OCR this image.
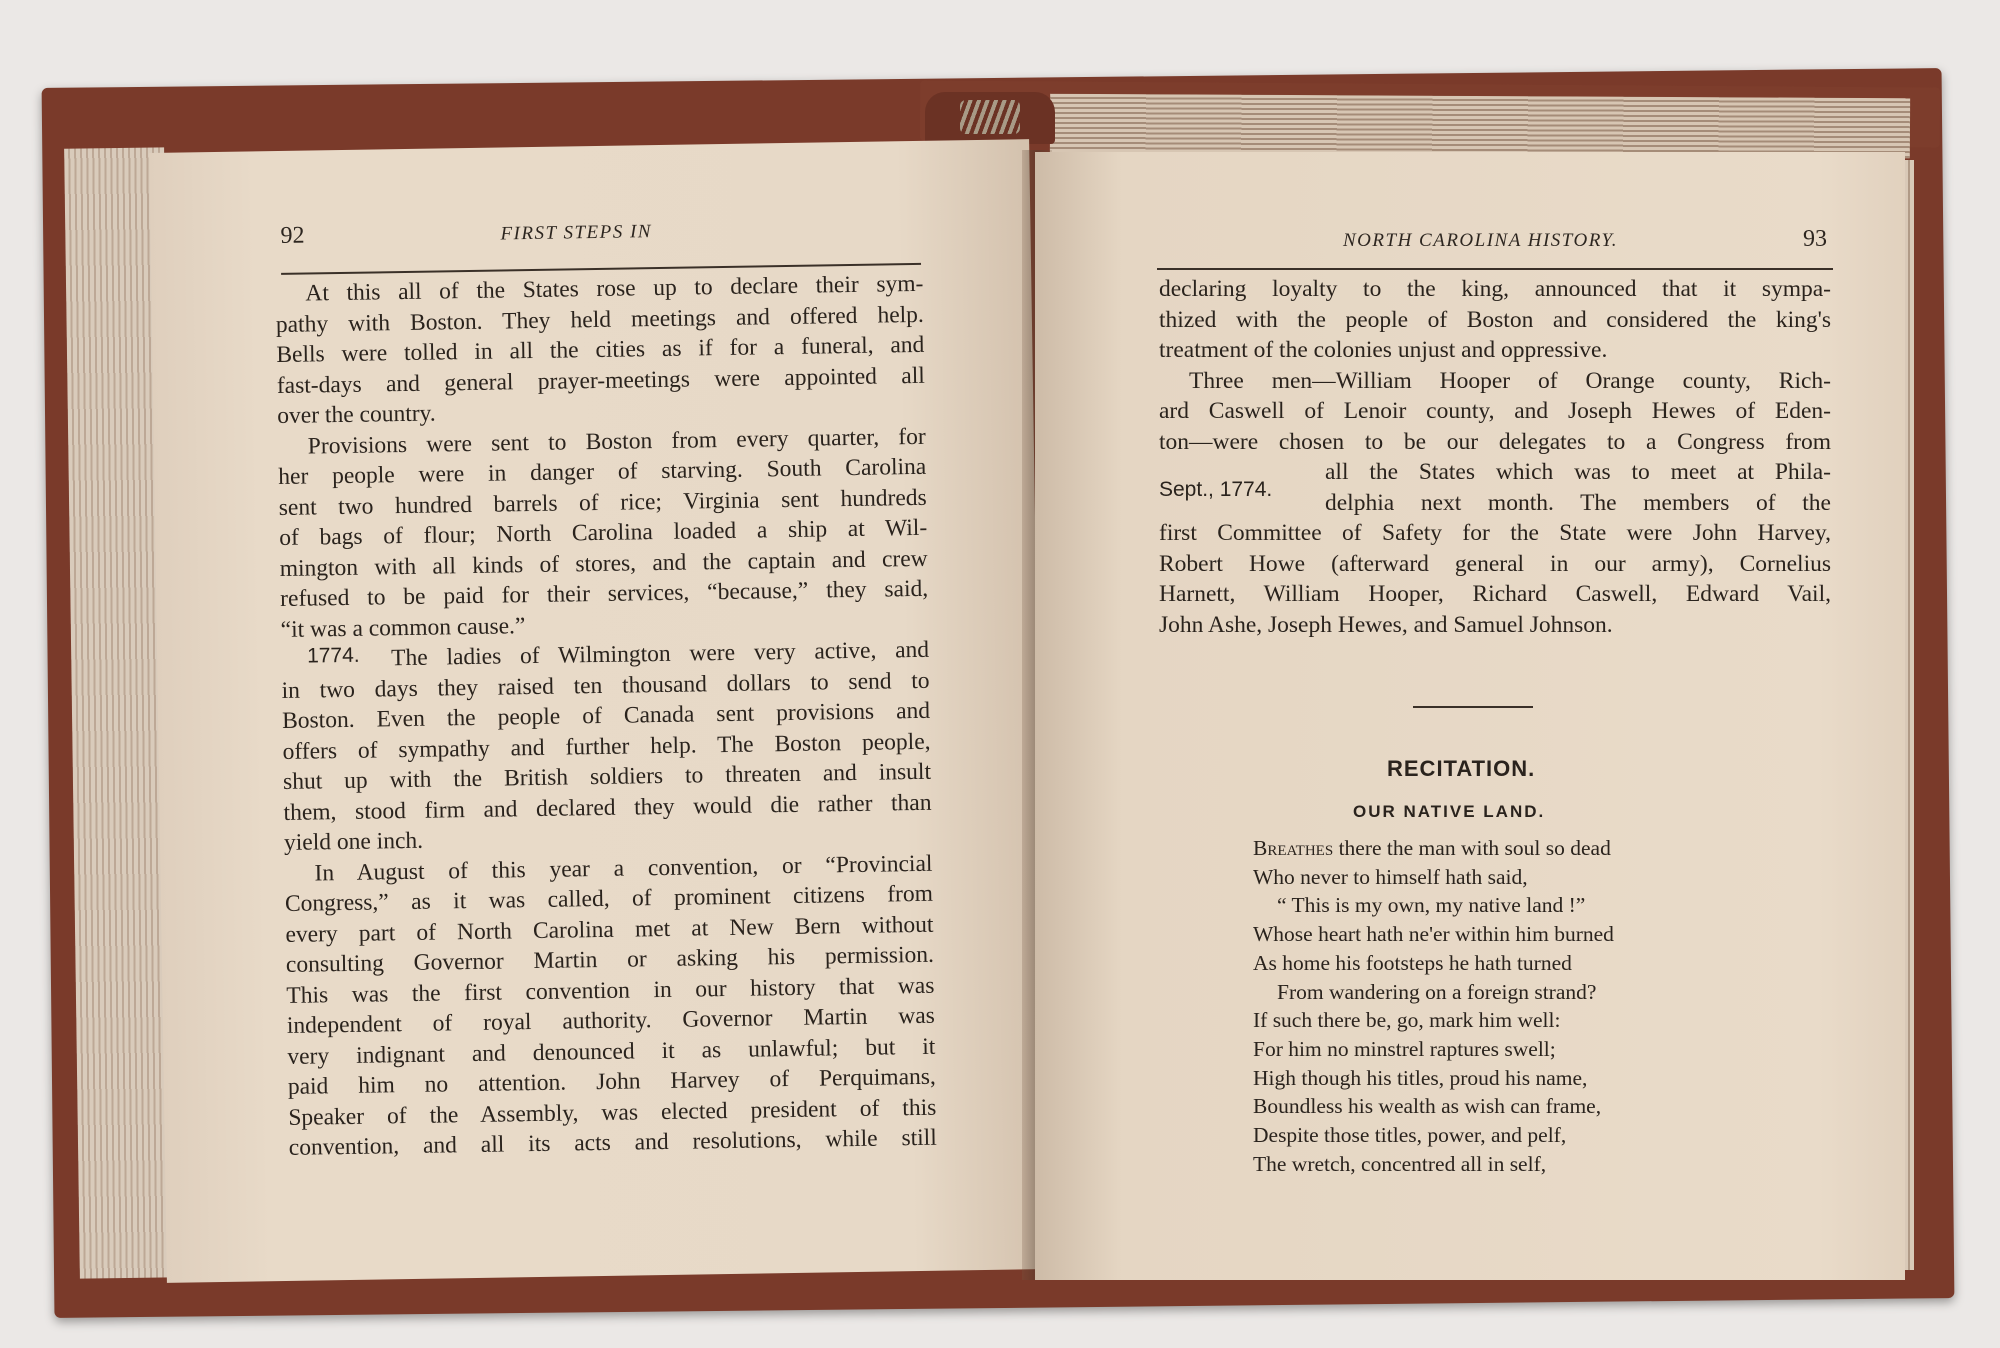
92	FIRST STEPS IN
At this all of the States rose up to declare their sym-
pathy with Boston. They held meetings and offered help.
Bells were tolled in all the cities as if for a funeral, and
fast-days and general prayer-meetings were appointed all
over the country.
Provisions were sent to Boston from every quarter, for
her people were in danger of starving. South Carolina
sent two hundred barrels of rice; Virginia sent hundreds
of bags of flour; North Carolina loaded a ship at Wil-
mington with all kinds of stores, and the captain and crew
refused to be paid for their services, “because,” they said,
“it was a common cause.”
The ladies of Wilmington were very active, and
in two days they raised ten thousand dollars to send to
Boston. Even the people of Canada sent provisions and
offers of sympathy and further help. The Boston people,
shut up with the British soldiers to threaten and insult
them, stood firm and declared they would die rather than
yield one inch.
In August of this year a convention, or “Provincial
Congress,” as it was called, of prominent citizens from
every part of North Carolina met at New Bern without
consulting Governor Martin or asking his permission.
This was the first convention in our history that was
independent of royal authority. Governor Martin was
very indignant and denounced it as unlawful; but it
paid him no attention. John Harvey of Perquimans,
Speaker of the Assembly, was elected president of this
convention, and all its acts and resolutions, while still
1774.
NORTH CAROLINA HISTORY.	93
declaring loyalty to the king, announced that it sympa-
thized with the people of Boston and considered the king's
treatment of the colonies unjust and oppressive.
Three men—William Hooper of Orange county, Rich-
ard Caswell of Lenoir county, and Joseph Hewes of Eden-
ton—were chosen to be our delegates to a Congress from
all the States which was to meet at Phila-
delphia next month. The members of the
first Committee of Safety for the State were John Harvey,
Robert Howe (afterward general in our army), Cornelius
Harnett, William Hooper, Richard Caswell, Edward Vail,
John Ashe, Joseph Hewes, and Samuel Johnson.
Sept., 1774.
RECITATION.
OUR NATIVE LAND.
Breathes there the man with soul so dead
Who never to himself hath said,
“ This is my own, my native land !”
Whose heart hath ne'er within him burned
As home his footsteps he hath turned
From wandering on a foreign strand?
If such there be, go, mark him well:
For him no minstrel raptures swell;
High though his titles, proud his name,
Boundless his wealth as wish can frame,
Despite those titles, power, and pelf,
The wretch, concentred all in self,
